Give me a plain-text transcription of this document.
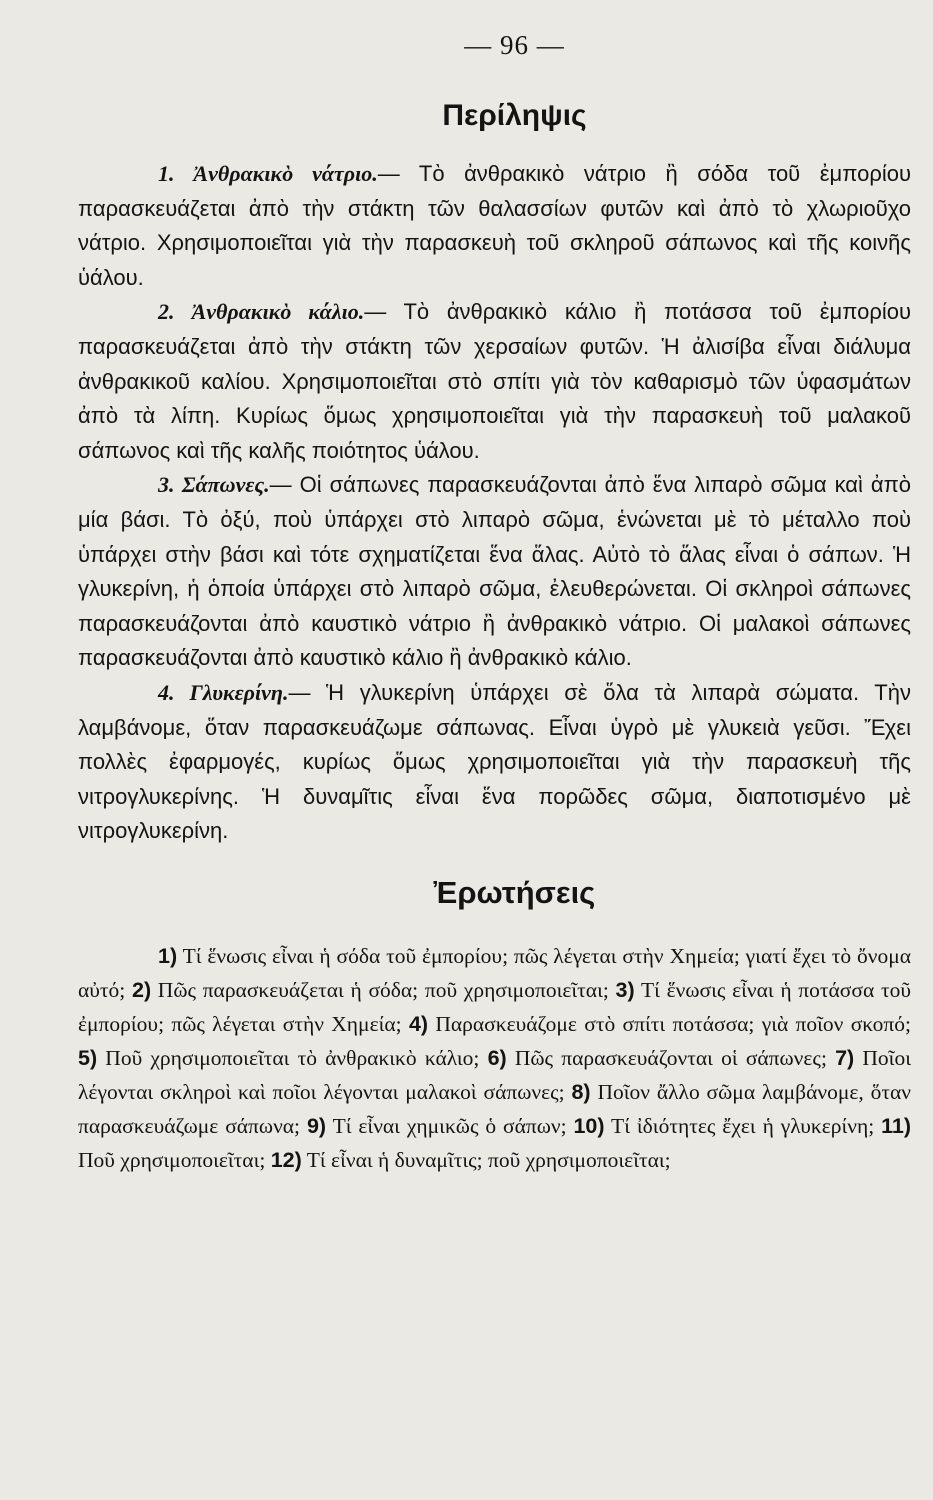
— 96 —
Περίληψις

1. Ἀνθρακικὸ νάτριο.— Τὸ ἀνθρακικὸ νάτριο ἢ σόδα τοῦ ἐμπορίου παρασκευάζεται ἀπὸ τὴν στάκτη τῶν θαλασσίων φυτῶν καὶ ἀπὸ τὸ χλωριοῦχο νάτριο. Χρησιμοποιεῖται γιὰ τὴν παρασκευὴ τοῦ σκληροῦ σάπωνος καὶ τῆς κοινῆς ὑάλου.

2. Ἀνθρακικὸ κάλιο.— Τὸ ἀνθρακικὸ κάλιο ἢ ποτάσσα τοῦ ἐμπορίου παρασκευάζεται ἀπὸ τὴν στάκτη τῶν χερσαίων φυτῶν. Ἡ ἀλισίβα εἶναι διάλυμα ἀνθρακικοῦ καλίου. Χρησιμοποιεῖται στὸ σπίτι γιὰ τὸν καθαρισμὸ τῶν ὑφασμάτων ἀπὸ τὰ λίπη. Κυρίως ὅμως χρησιμοποιεῖται γιὰ τὴν παρασκευὴ τοῦ μαλακοῦ σάπωνος καὶ τῆς καλῆς ποιότητος ὑάλου.

3. Σάπωνες.— Οἱ σάπωνες παρασκευάζονται ἀπὸ ἕνα λιπαρὸ σῶμα καὶ ἀπὸ μία βάσι. Τὸ ὀξύ, ποὺ ὑπάρχει στὸ λιπαρὸ σῶμα, ἑνώνεται μὲ τὸ μέταλλο ποὺ ὑπάρχει στὴν βάσι καὶ τότε σχηματίζεται ἕνα ἅλας. Αὐτὸ τὸ ἅλας εἶναι ὁ σάπων. Ἡ γλυκερίνη, ἡ ὁποία ὑπάρχει στὸ λιπαρὸ σῶμα, ἐλευθερώνεται. Οἱ σκληροὶ σάπωνες παρασκευάζονται ἀπὸ καυστικὸ νάτριο ἢ ἀνθρακικὸ νάτριο. Οἱ μαλακοὶ σάπωνες παρασκευάζονται ἀπὸ καυστικὸ κάλιο ἢ ἀνθρακικὸ κάλιο.

4. Γλυκερίνη.— Ἡ γλυκερίνη ὑπάρχει σὲ ὅλα τὰ λιπαρὰ σώματα. Τὴν λαμβάνομε, ὅταν παρασκευάζωμε σάπωνας. Εἶναι ὑγρὸ μὲ γλυκειὰ γεῦσι. Ἔχει πολλὲς ἐφαρμογές, κυρίως ὅμως χρησιμοποιεῖται γιὰ τὴν παρασκευὴ τῆς νιτρογλυκερίνης. Ἡ δυναμῖτις εἶναι ἕνα πορῶδες σῶμα, διαποτισμένο μὲ νιτρογλυκερίνη.

Ἐρωτήσεις

1) Τί ἕνωσις εἶναι ἡ σόδα τοῦ ἐμπορίου; πῶς λέγεται στὴν Χημεία; γιατί ἔχει τὸ ὄνομα αὐτό; 2) Πῶς παρασκευάζεται ἡ σόδα; ποῦ χρησιμοποιεῖται; 3) Τί ἕνωσις εἶναι ἡ ποτάσσα τοῦ ἐμπορίου; πῶς λέγεται στὴν Χημεία; 4) Παρασκευάζομε στὸ σπίτι ποτάσσα; γιὰ ποῖον σκοπό; 5) Ποῦ χρησιμοποιεῖται τὸ ἀνθρακικὸ κάλιο; 6) Πῶς παρασκευάζονται οἱ σάπωνες; 7) Ποῖοι λέγονται σκληροὶ καὶ ποῖοι λέγονται μαλακοὶ σάπωνες; 8) Ποῖον ἄλλο σῶμα λαμβάνομε, ὅταν παρασκευάζωμε σάπωνα; 9) Τί εἶναι χημικῶς ὁ σάπων; 10) Τί ἰδιότητες ἔχει ἡ γλυκερίνη; 11) Ποῦ χρησιμοποιεῖται; 12) Τί εἶναι ἡ δυναμῖτις; ποῦ χρησιμοποιεῖται;
